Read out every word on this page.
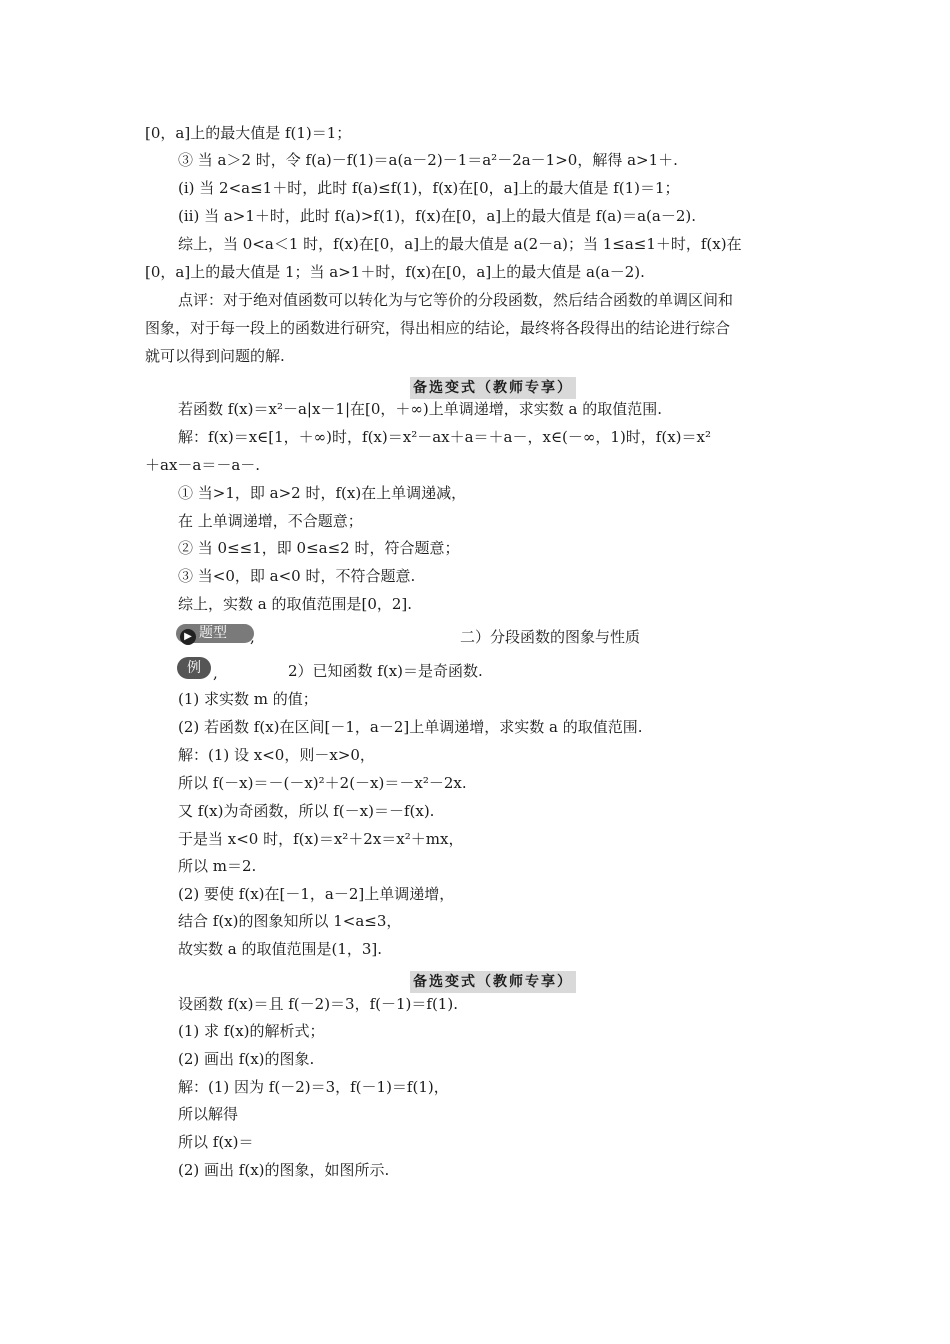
[0，a]上的最大值是 f(1)＝1；
③ 当 a＞2 时，令 f(a)－f(1)＝a(a－2)－1＝a²－2a－1>0，解得 a>1＋.
(ⅰ) 当 2<a≤1＋时，此时 f(a)≤f(1)，f(x)在[0，a]上的最大值是 f(1)＝1；
(ⅱ) 当 a>1＋时，此时 f(a)>f(1)，f(x)在[0，a]上的最大值是 f(a)＝a(a－2).
综上，当 0<a＜1 时，f(x)在[0，a]上的最大值是 a(2－a)；当 1≤a≤1＋时，f(x)在
[0，a]上的最大值是 1；当 a>1＋时，f(x)在[0，a]上的最大值是 a(a－2).
点评：对于绝对值函数可以转化为与它等价的分段函数，然后结合函数的单调区间和
图象，对于每一段上的函数进行研究，得出相应的结论，最终将各段得出的结论进行综合
就可以得到问题的解.
备选变式（教师专享）
若函数 f(x)＝x²－a|x－1|在[0，＋∞)上单调递增，求实数 a 的取值范围.
解：f(x)＝x∈[1，＋∞)时，f(x)＝x²－ax＋a＝＋a－，x∈(－∞，1)时，f(x)＝x²
＋ax－a＝－a－.
① 当>1，即 a>2 时，f(x)在上单调递减，
在 上单调递增，不合题意；
② 当 0≤≤1，即 0≤a≤2 时，符合题意；
③ 当<0，即 a<0 时，不符合题意.
综上，实数 a 的取值范围是[0，2].
▶ 题型	,	二）分段函数的图象与性质
例 ,	2）已知函数 f(x)＝是奇函数.
(1) 求实数 m 的值；
(2) 若函数 f(x)在区间[－1，a－2]上单调递增，求实数 a 的取值范围.
解：(1) 设 x<0，则－x>0，
所以 f(－x)＝－(－x)²＋2(－x)＝－x²－2x.
又 f(x)为奇函数，所以 f(－x)＝－f(x).
于是当 x<0 时，f(x)＝x²＋2x＝x²＋mx，
所以 m＝2.
(2) 要使 f(x)在[－1，a－2]上单调递增，
结合 f(x)的图象知所以 1<a≤3，
故实数 a 的取值范围是(1，3].
备选变式（教师专享）
设函数 f(x)＝且 f(－2)＝3，f(－1)＝f(1).
(1) 求 f(x)的解析式；
(2) 画出 f(x)的图象.
解：(1) 因为 f(－2)＝3，f(－1)＝f(1)，
所以解得
所以 f(x)＝
(2) 画出 f(x)的图象，如图所示.
